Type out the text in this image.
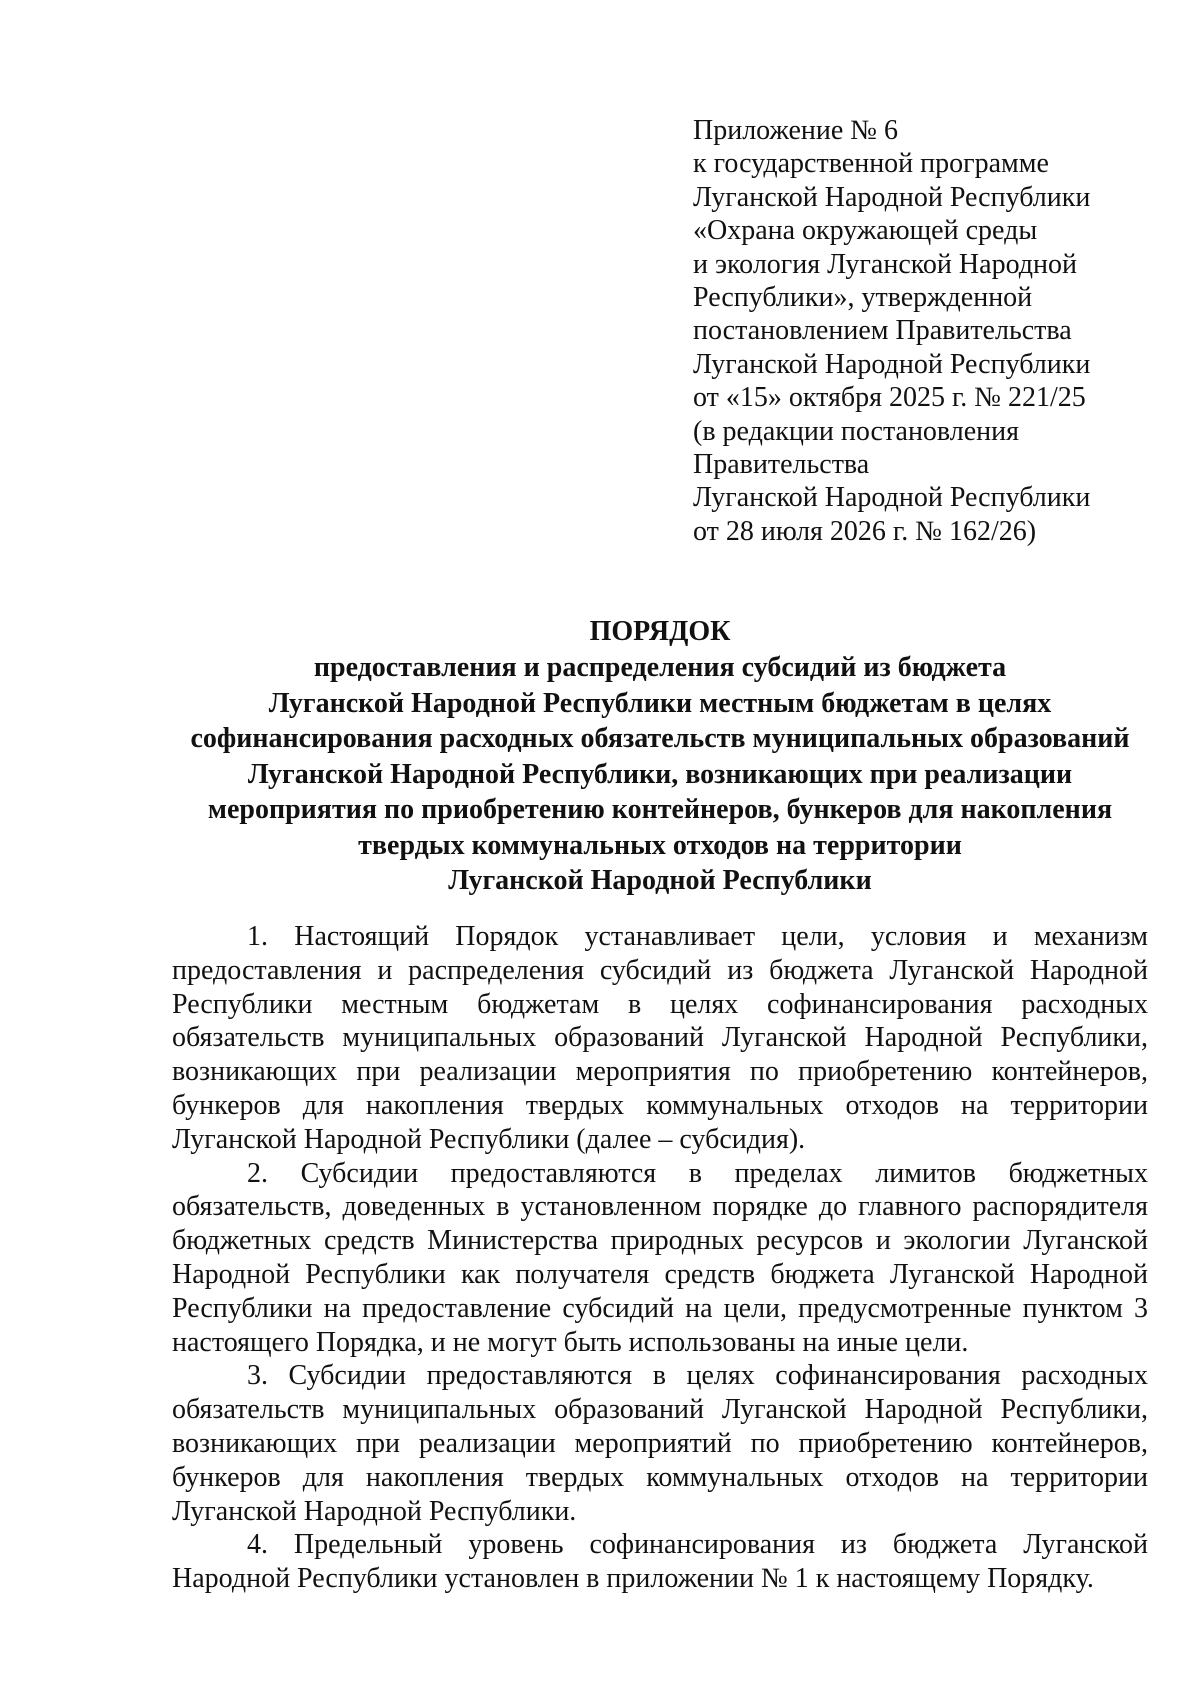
Приложение № 6
к государственной программе
Луганской Народной Республики
«Охрана окружающей среды
и экология Луганской Народной
Республики», утвержденной
постановлением Правительства
Луганской Народной Республики
от «15» октября 2025 г. № 221/25
(в редакции постановления
Правительства
Луганской Народной Республики
от 28 июля 2026 г. № 162/26)
ПОРЯДОК
предоставления и распределения субсидий из бюджета
Луганской Народной Республики местным бюджетам в целях
софинансирования расходных обязательств муниципальных образований
Луганской Народной Республики, возникающих при реализации
мероприятия по приобретению контейнеров, бункеров для накопления
твердых коммунальных отходов на территории
Луганской Народной Республики
1. Настоящий Порядок устанавливает цели, условия и механизм
предоставления и распределения субсидий из бюджета Луганской Народной
Республики местным бюджетам в целях софинансирования расходных
обязательств муниципальных образований Луганской Народной Республики,
возникающих при реализации мероприятия по приобретению контейнеров,
бункеров для накопления твердых коммунальных отходов на территории
Луганской Народной Республики (далее – субсидия).
2. Субсидии предоставляются в пределах лимитов бюджетных
обязательств, доведенных в установленном порядке до главного распорядителя
бюджетных средств Министерства природных ресурсов и экологии Луганской
Народной Республики как получателя средств бюджета Луганской Народной
Республики на предоставление субсидий на цели, предусмотренные пунктом 3
настоящего Порядка, и не могут быть использованы на иные цели.
3. Субсидии предоставляются в целях софинансирования расходных
обязательств муниципальных образований Луганской Народной Республики,
возникающих при реализации мероприятий по приобретению контейнеров,
бункеров для накопления твердых коммунальных отходов на территории
Луганской Народной Республики.
4. Предельный уровень софинансирования из бюджета Луганской
Народной Республики установлен в приложении № 1 к настоящему Порядку.
